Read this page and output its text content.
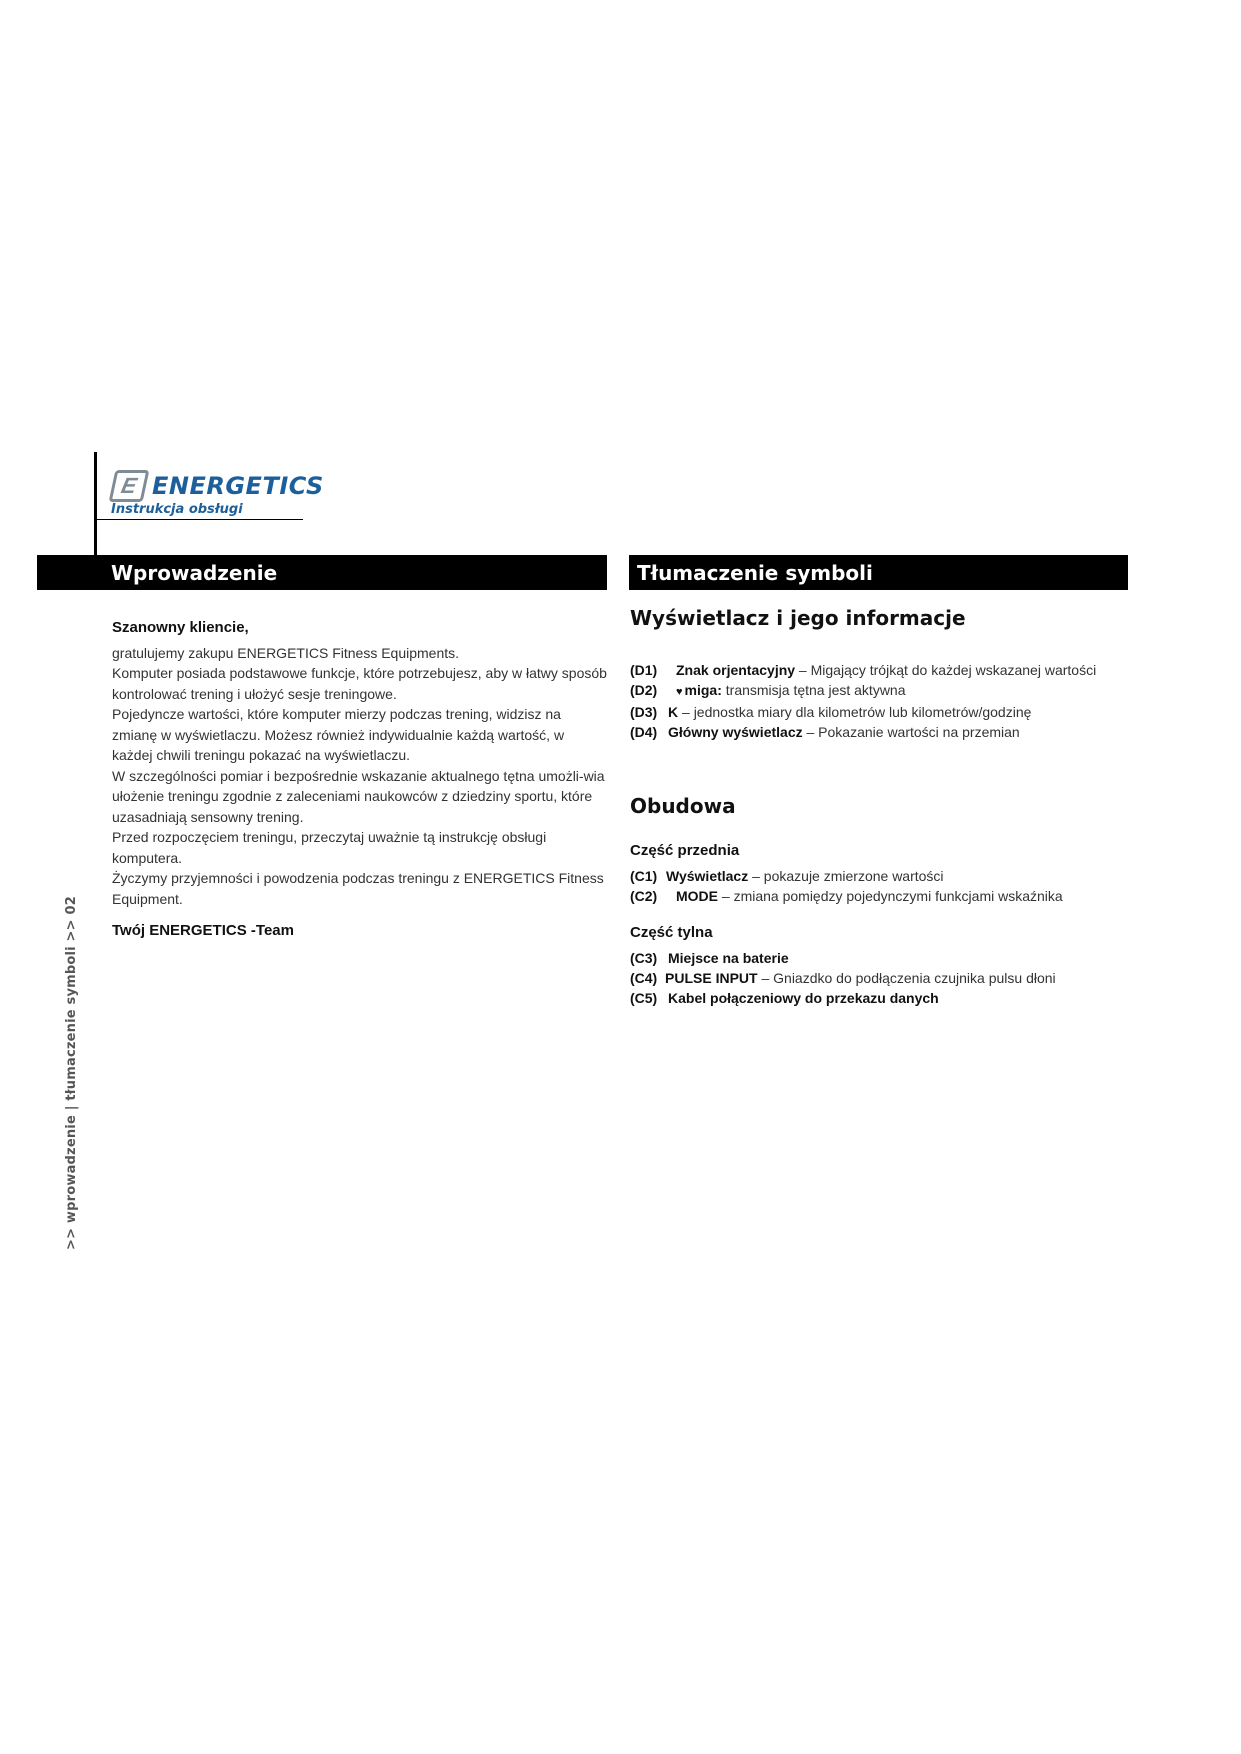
E ENERGETICS
Instrukcja obsługi
Wprowadzenie	Tłumaczenie symboli
Szanowny kliencie,

gratulujemy zakupu ENERGETICS Fitness Equipments.

Komputer posiada podstawowe funkcje, które potrzebujesz, aby w łatwy sposób kontrolować trening i ułożyć sesje treningowe.

Pojedyncze wartości, które komputer mierzy podczas trening, widzisz na zmianę w wyświetlaczu. Możesz również indywidualnie każdą wartość, w każdej chwili treningu pokazać na wyświetlaczu.

W szczególności pomiar i bezpośrednie wskazanie aktualnego tętna umożli-wia ułożenie treningu zgodnie z zaleceniami naukowców z dziedziny sportu, które uzasadniają sensowny trening.

Przed rozpoczęciem treningu, przeczytaj uważnie tą instrukcję obsługi komputera.

Życzymy przyjemności i powodzenia podczas treningu z ENERGETICS Fitness Equipment.

Twój ENERGETICS -Team
>> wprowadzenie | tłumaczenie symboli >> 02
Wyświetlacz i jego informacje
(D1) Znak orjentacyjny – Migający trójkąt do każdej wskazanej wartości
(D2) ♥ miga: transmisja tętna jest aktywna
(D3) K – jednostka miary dla kilometrów lub kilometrów/godzinę
(D4) Główny wyświetlacz – Pokazanie wartości na przemian
Obudowa
Część przednia
(C1) Wyświetlacz – pokazuje zmierzone wartości
(C2) MODE – zmiana pomiędzy pojedynczymi funkcjami wskaźnika
Część tylna
(C3) Miejsce na baterie
(C4) PULSE INPUT – Gniazdko do podłączenia czujnika pulsu dłoni
(C5) Kabel połączeniowy do przekazu danych
